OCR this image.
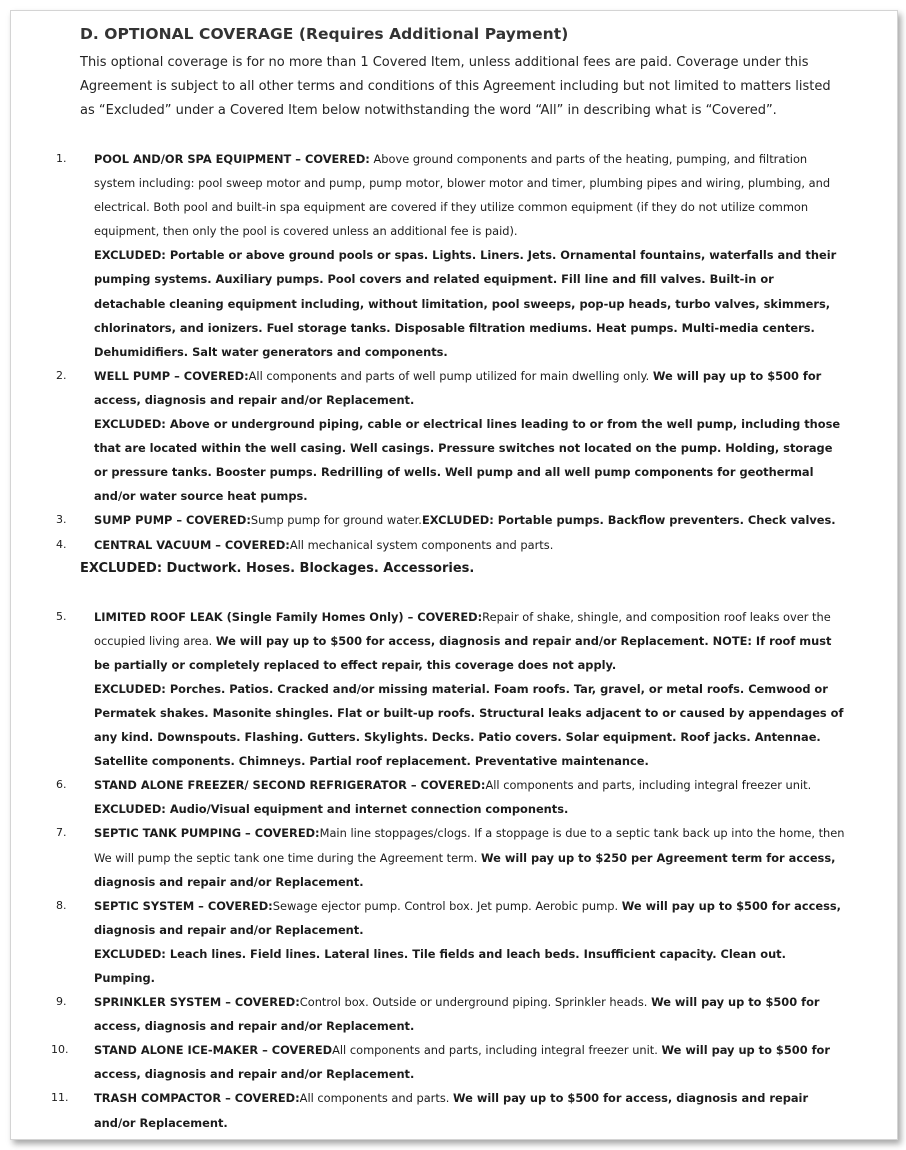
D. OPTIONAL COVERAGE (Requires Additional Payment)

This optional coverage is for no more than 1 Covered Item, unless additional fees are paid. Coverage under this Agreement is subject to all other terms and conditions of this Agreement including but not limited to matters listed as “Excluded” under a Covered Item below notwithstanding the word “All” in describing what is “Covered”.

1.	POOL AND/OR SPA EQUIPMENT – COVERED: Above ground components and parts of the heating, pumping, and filtration system including: pool sweep motor and pump, pump motor, blower motor and timer, plumbing pipes and wiring, plumbing, and electrical. Both pool and built-in spa equipment are covered if they utilize common equipment (if they do not utilize common equipment, then only the pool is covered unless an additional fee is paid).
EXCLUDED: Portable or above ground pools or spas. Lights. Liners. Jets. Ornamental fountains, waterfalls and their pumping systems. Auxiliary pumps. Pool covers and related equipment. Fill line and fill valves. Built-in or detachable cleaning equipment including, without limitation, pool sweeps, pop-up heads, turbo valves, skimmers, chlorinators, and ionizers. Fuel storage tanks. Disposable filtration mediums. Heat pumps. Multi-media centers. Dehumidifiers. Salt water generators and components.
2.	WELL PUMP – COVERED:All components and parts of well pump utilized for main dwelling only. We will pay up to $500 for access, diagnosis and repair and/or Replacement.
EXCLUDED: Above or underground piping, cable or electrical lines leading to or from the well pump, including those that are located within the well casing. Well casings. Pressure switches not located on the pump. Holding, storage or pressure tanks. Booster pumps. Redrilling of wells. Well pump and all well pump components for geothermal and/or water source heat pumps.
3.	SUMP PUMP – COVERED:Sump pump for ground water.EXCLUDED: Portable pumps. Backflow preventers. Check valves.
4.	CENTRAL VACUUM – COVERED:All mechanical system components and parts.
EXCLUDED: Ductwork. Hoses. Blockages. Accessories.
5.	LIMITED ROOF LEAK (Single Family Homes Only) – COVERED:Repair of shake, shingle, and composition roof leaks over the occupied living area. We will pay up to $500 for access, diagnosis and repair and/or Replacement. NOTE: If roof must be partially or completely replaced to effect repair, this coverage does not apply.
EXCLUDED: Porches. Patios. Cracked and/or missing material. Foam roofs. Tar, gravel, or metal roofs. Cemwood or Permatek shakes. Masonite shingles. Flat or built-up roofs. Structural leaks adjacent to or caused by appendages of any kind. Downspouts. Flashing. Gutters. Skylights. Decks. Patio covers. Solar equipment. Roof jacks. Antennae. Satellite components. Chimneys. Partial roof replacement. Preventative maintenance.
6.	STAND ALONE FREEZER/ SECOND REFRIGERATOR – COVERED:All components and parts, including integral freezer unit.
EXCLUDED: Audio/Visual equipment and internet connection components.
7.	SEPTIC TANK PUMPING – COVERED:Main line stoppages/clogs. If a stoppage is due to a septic tank back up into the home, then We will pump the septic tank one time during the Agreement term. We will pay up to $250 per Agreement term for access, diagnosis and repair and/or Replacement.
8.	SEPTIC SYSTEM – COVERED:Sewage ejector pump. Control box. Jet pump. Aerobic pump. We will pay up to $500 for access, diagnosis and repair and/or Replacement.
EXCLUDED: Leach lines. Field lines. Lateral lines. Tile fields and leach beds. Insufficient capacity. Clean out. Pumping.
9.	SPRINKLER SYSTEM – COVERED:Control box. Outside or underground piping. Sprinkler heads. We will pay up to $500 for access, diagnosis and repair and/or Replacement.
10.	STAND ALONE ICE-MAKER – COVEREDAll components and parts, including integral freezer unit. We will pay up to $500 for access, diagnosis and repair and/or Replacement.
11.	TRASH COMPACTOR – COVERED:All components and parts. We will pay up to $500 for access, diagnosis and repair and/or Replacement.
